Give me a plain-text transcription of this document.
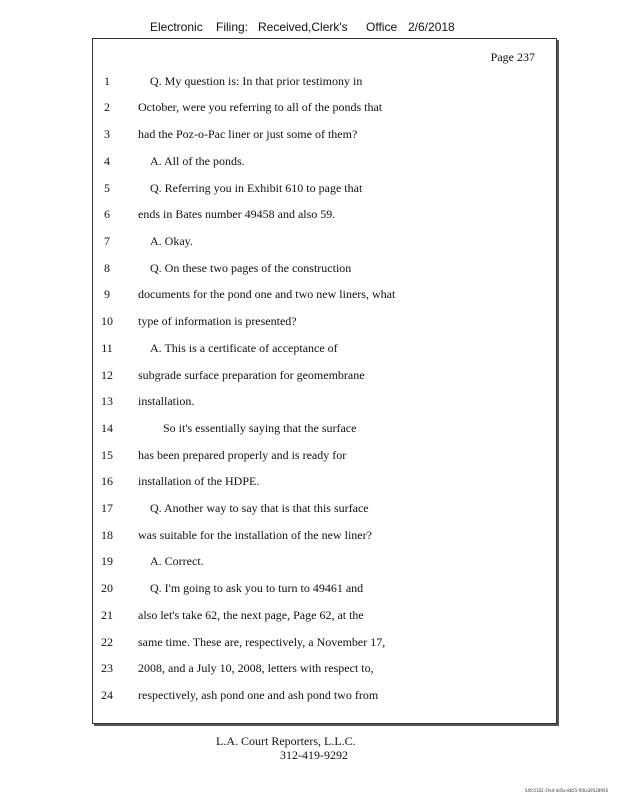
Electronic Filing: Received,Clerk's Office 2/6/2018
Page 237
1	Q. My question is: In that prior testimony in
2	October, were you referring to all of the ponds that
3	had the Poz-o-Pac liner or just some of them?
4	A. All of the ponds.
5	Q. Referring you in Exhibit 610 to page that
6	ends in Bates number 49458 and also 59.
7	A. Okay.
8	Q. On these two pages of the construction
9	documents for the pond one and two new liners, what
10	type of information is presented?
11	A. This is a certificate of acceptance of
12	subgrade surface preparation for geomembrane
13	installation.
14	So it's essentially saying that the surface
15	has been prepared properly and is ready for
16	installation of the HDPE.
17	Q. Another way to say that is that this surface
18	was suitable for the installation of the new liner?
19	A. Correct.
20	Q. I'm going to ask you to turn to 49461 and
21	also let's take 62, the next page, Page 62, at the
22	same time. These are, respectively, a November 17,
23	2008, and a July 10, 2008, letters with respect to,
24	respectively, ash pond one and ash pond two from
L.A. Court Reporters, L.L.C.
312-419-9292
54fc5102-1fe4-4d5a-8b55-f00a39528956
